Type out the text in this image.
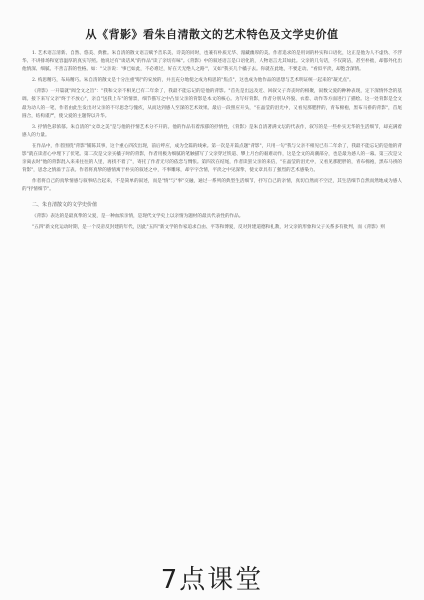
从《背影》看朱自清散文的艺术特色及文学史价值

1. 艺术语言清新、自然、悠美、典雅。朱自清的散文语言赋予音乐美、诗美的同时，也兼有朴质无华、漫藏幽厚的美。作者追求的是用词的朴实和口语化，这正是他为人不虚伪、不浮华、不讲排场和宽容温厚的真实写照。他说过有"谈话风"的作品"读了亲切有味"。《背影》中的叙述语言是口语化的，人物语言尤其如此。父亲的几句话，不仅简洁，甚至朴拙，却都外化出他情深、细腻、不善言辞的性格。如："父亲说：'事已如此，不必难过，好在天无绝人之路'"，又如"我买几个橘子去。你就在此地，不要走动。"看似平淡，却饱含深情。

2. 构思精巧，布局精巧。朱自清的散文是十分注重"眼"的安放的，并且充分地使之成为构思的"焦点"，这也成为他作品的思想与艺术明证统一起来的"凝光点"。

《背影》一开篇就"阀全文之旨"："我和父亲不相见已有二年余了，我最不能忘记的是他的背影。"首先是出远及近、回叙父子奔丧时的相聚，叙数父爱的种种表现，定下深情怀念的基调。接下来写父亲"终于不放心"，亲自"送我上车"的情景，细节描写之中凸显父亲的背影是本文的核心。为写好背影，作者分别从外貌、衣着、动作等方面进行了描绘。这一处背影是全文最为动人的一笔，作者由此生发出对父亲的不尽思念与愧疚，从而达到感人至深的艺术效果。最后一段照应开头，"在晶莹的泪光中，又看见那肥胖的，青布棉袍，黑布马褂的背影"，首尾圆合，结构谨严，使父爱的主题得以升华。

3. 抒情色彩浓郁。朱自清的"文章之美"是与他的抒情艺术分不开的。他的作品有着浓郁的抒情性，《背影》是朱自清著满文坛的代表作，叙写的是一些朴实无华的生活细节，却充满着感人的力量。

在作品中，作者围绕"背影"铺陈其事，这个重心四次出现，前后呼应，成为全篇的线索。第一次是开篇点题"背影"，只用一句"我与父亲不相见已有二年余了，我最不能忘记的是他的背影"就在读者心中埋下了伏笔。第二次是父亲买橘子时的背影，作者用极为细腻的笔触描写了父亲穿过铁道、攀上月台的艰难动作，这是全文的高潮部分，也是最为感人的一幕。第三次是父亲离去时"他的背影混入来来往往的人里，再找不着了"，寄托了作者无尽的依恋与惆怅。第四次在结尾，作者读罢父亲的来信，"在晶莹的泪光中，又看见那肥胖的，青布棉袍，黑布马褂的背影"，思念之情溢于言表。作者将真挚的感情寓于朴实的叙述之中，不事雕琢，却字字含情，平淡之中见深挚，使文章具有了强烈的艺术感染力。

作者将自己的真挚情感与叙事结合起来，不是简单的叙述，而是"情"与"事"交融，通过一系列的典型生活细节，抒写自己的亲情，真切自然而不空泛，其生活细节自然而然地成为感人的"抒情细节"。

二、朱自清散文的文学史价值

《背影》表达的是最真挚的父爱，是一种血浓亲情，是现代文学史上以亲情为题材的最具代表性的作品。

"五四"新文化运动时期，是一个反帝反封建的年代，因此"五四"新文学的作家追求自由、平等和博爱，反对封建道德和礼教，对父亲的形象和父子关系多有批判，而《背影》则

7点课堂
